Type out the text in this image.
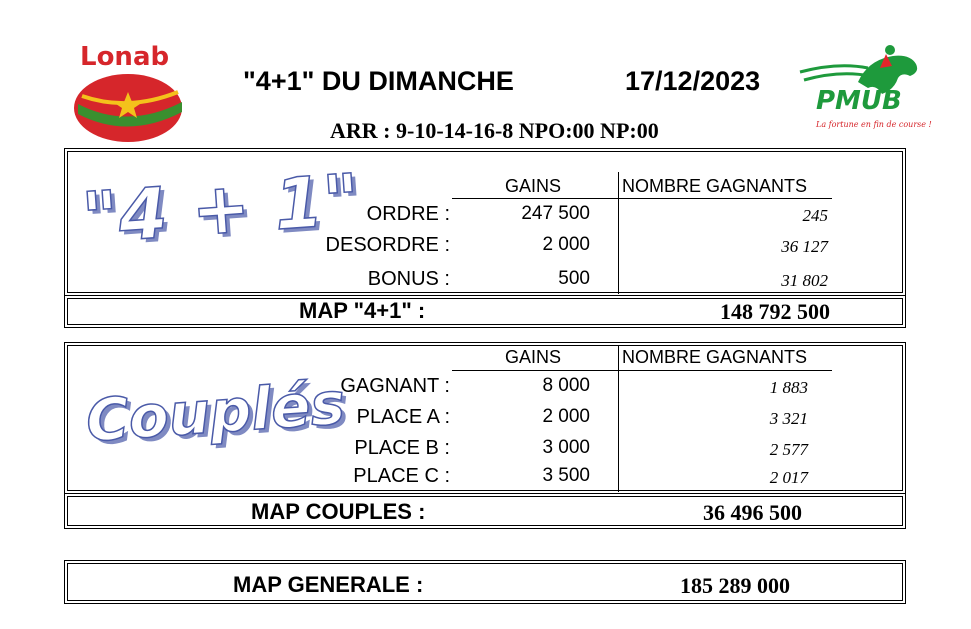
Lonab
PMUB
La fortune en fin de course !
"4+1" DU DIMANCHE	17/12/2023
ARR : 9-10-14-16-8 NPO:00 NP:00
"4 + 1"	GAINS	NOMBRE GAGNANTS
ORDRE :	247 500	245
DESORDRE :	2 000	36 127
BONUS :	500	31 802
MAP "4+1" :	148 792 500
Couplés
GAINS	NOMBRE GAGNANTS
GAGNANT :	8 000	1 883
PLACE A :	2 000	3 321
PLACE B :	3 000	2 577
PLACE C :	3 500	2 017
MAP COUPLES :	36 496 500
MAP GENERALE :	185 289 000
